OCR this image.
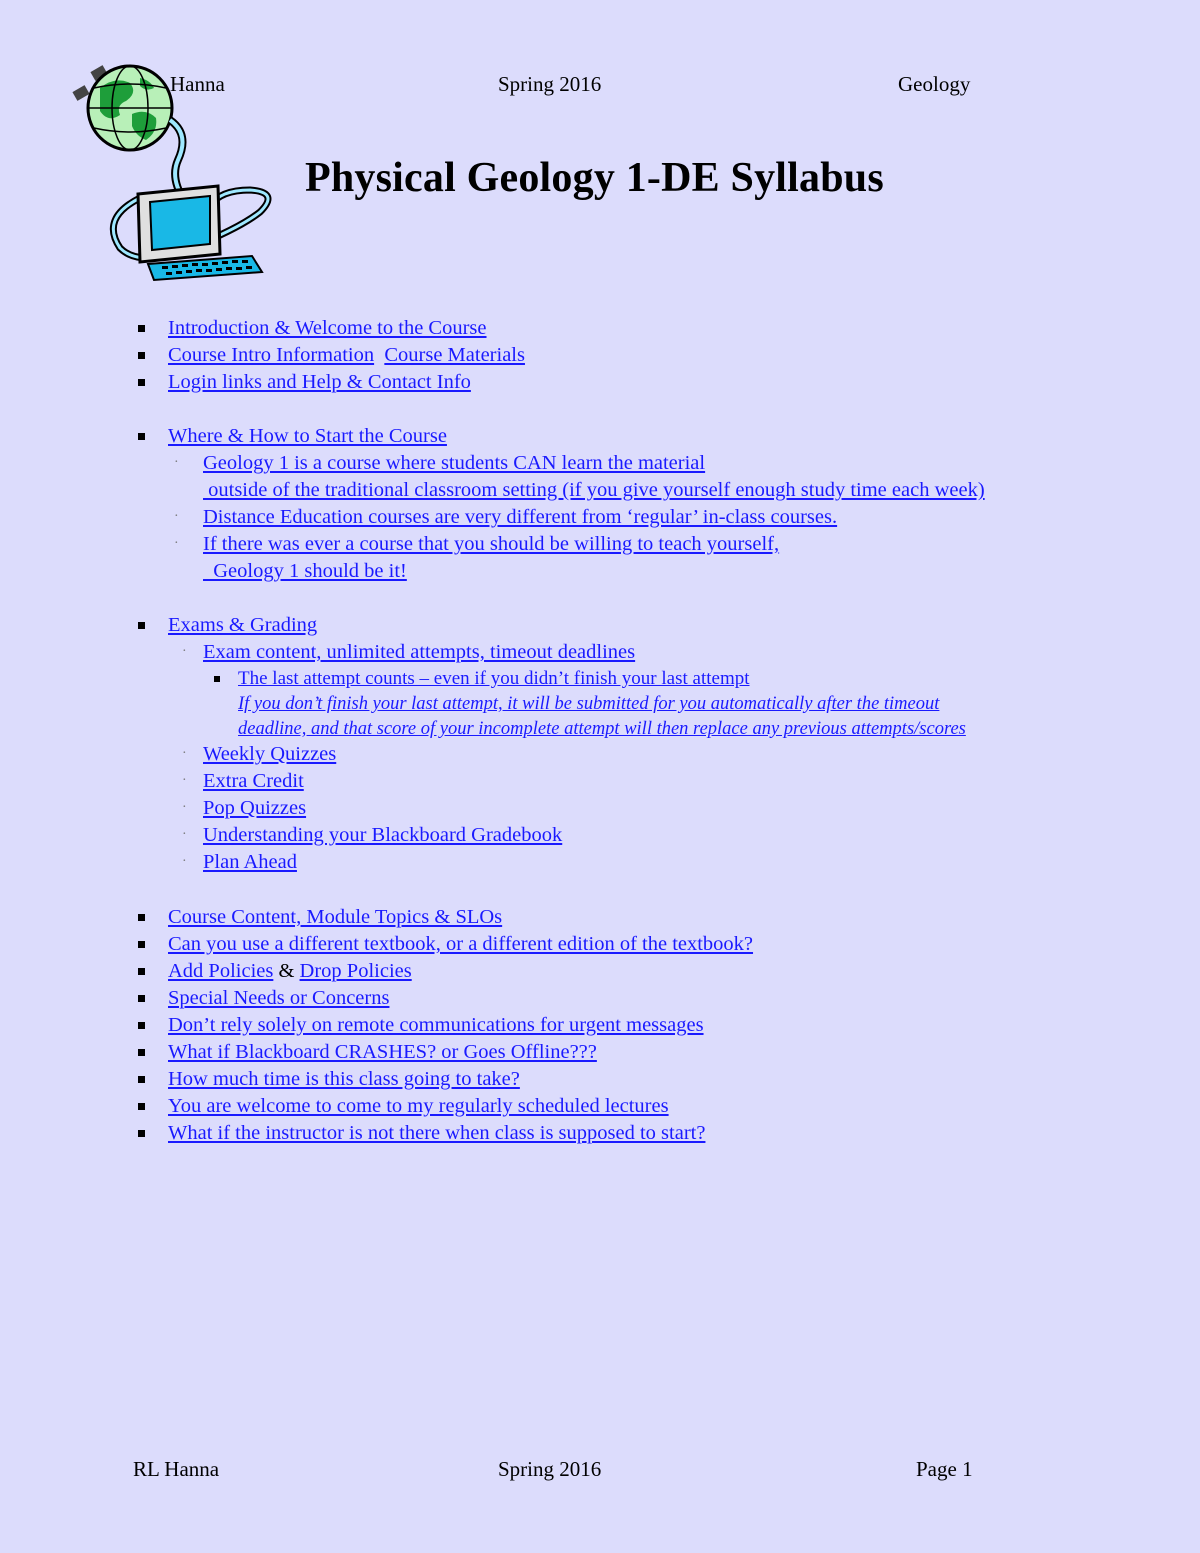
Hanna	Spring 2016	Geology
Physical Geology 1-DE Syllabus
Introduction & Welcome to the Course
Course Intro Information Course Materials
Login links and Help & Contact Info
Where & How to Start the Course
· Geology 1 is a course where students CAN learn the material
outside of the traditional classroom setting (if you give yourself enough study time each week)
· Distance Education courses are very different from ‘regular’ in-class courses.
· If there was ever a course that you should be willing to teach yourself,
Geology 1 should be it!
Exams & Grading
· Exam content, unlimited attempts, timeout deadlines
The last attempt counts – even if you didn’t finish your last attempt
If you don’t finish your last attempt, it will be submitted for you automatically after the timeout
deadline, and that score of your incomplete attempt will then replace any previous attempts/scores
· Weekly Quizzes
· Extra Credit
· Pop Quizzes
· Understanding your Blackboard Gradebook
· Plan Ahead
Course Content, Module Topics & SLOs
Can you use a different textbook, or a different edition of the textbook?
Add Policies & Drop Policies
Special Needs or Concerns
Don’t rely solely on remote communications for urgent messages
What if Blackboard CRASHES? or Goes Offline???
How much time is this class going to take?
You are welcome to come to my regularly scheduled lectures
What if the instructor is not there when class is supposed to start?
RL Hanna	Spring 2016	Page 1
